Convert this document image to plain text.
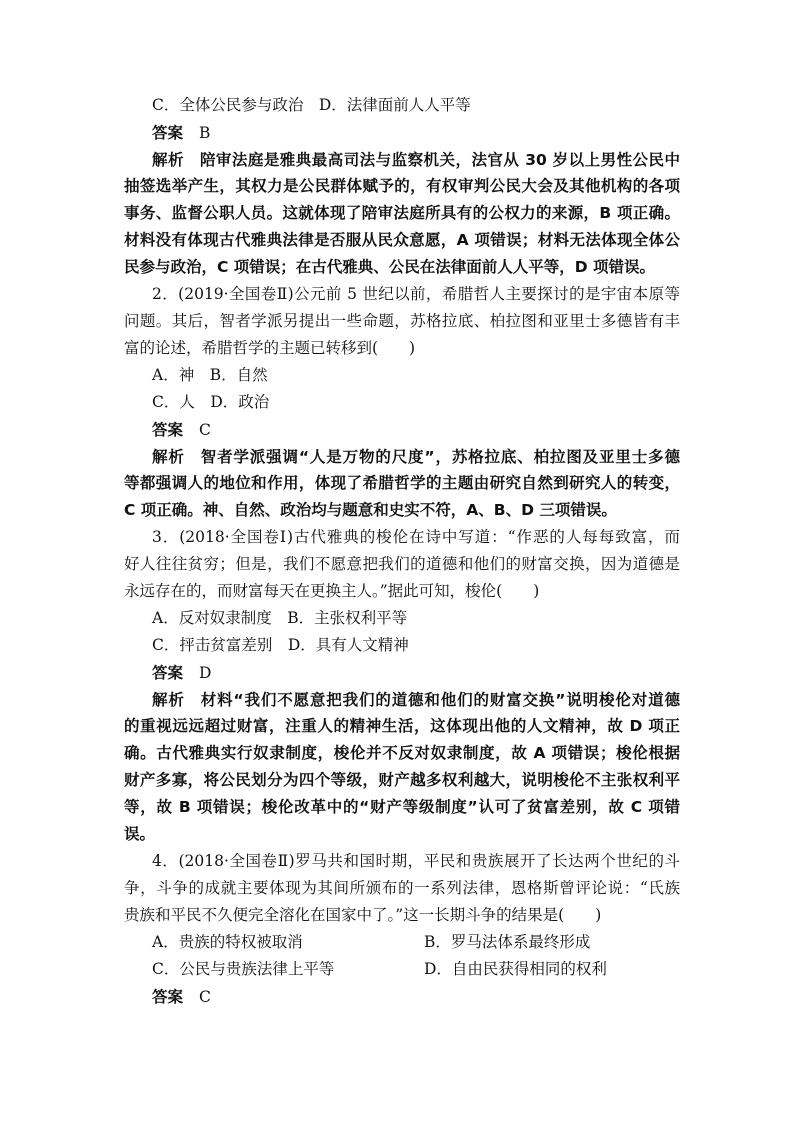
C．全体公民参与政治　D．法律面前人人平等
答案 B
解析 陪审法庭是雅典最高司法与监察机关，法官从 30 岁以上男性公民中
抽签选举产生，其权力是公民群体赋予的，有权审判公民大会及其他机构的各项
事务、监督公职人员。这就体现了陪审法庭所具有的公权力的来源，B 项正确。
材料没有体现古代雅典法律是否服从民众意愿，A 项错误；材料无法体现全体公
民参与政治，C 项错误；在古代雅典、公民在法律面前人人平等，D 项错误。
2．(2019·全国卷Ⅱ)公元前 5 世纪以前，希腊哲人主要探讨的是宇宙本原等
问题。其后，智者学派另提出一些命题，苏格拉底、柏拉图和亚里士多德皆有丰
富的论述，希腊哲学的主题已转移到(　　)
A．神　B．自然
C．人　D．政治
答案 C
解析 智者学派强调“人是万物的尺度”，苏格拉底、柏拉图及亚里士多德
等都强调人的地位和作用，体现了希腊哲学的主题由研究自然到研究人的转变，
C 项正确。神、自然、政治均与题意和史实不符，A、B、D 三项错误。
3．(2018·全国卷Ⅰ)古代雅典的梭伦在诗中写道：“作恶的人每每致富，而
好人往往贫穷；但是，我们不愿意把我们的道德和他们的财富交换，因为道德是
永远存在的，而财富每天在更换主人。”据此可知，梭伦(　　)
A．反对奴隶制度　B．主张权利平等
C．抨击贫富差别　D．具有人文精神
答案 D
解析 材料“我们不愿意把我们的道德和他们的财富交换”说明梭伦对道德
的重视远远超过财富，注重人的精神生活，这体现出他的人文精神，故 D 项正
确。古代雅典实行奴隶制度，梭伦并不反对奴隶制度，故 A 项错误；梭伦根据
财产多寡，将公民划分为四个等级，财产越多权利越大，说明梭伦不主张权利平
等，故 B 项错误；梭伦改革中的“财产等级制度”认可了贫富差别，故 C 项错
误。
4．(2018·全国卷Ⅱ)罗马共和国时期，平民和贵族展开了长达两个世纪的斗
争，斗争的成就主要体现为其间所颁布的一系列法律，恩格斯曾评论说：“氏族
贵族和平民不久便完全溶化在国家中了。”这一长期斗争的结果是(　　)
A．贵族的特权被取消	B．罗马法体系最终形成
C．公民与贵族法律上平等	D．自由民获得相同的权利
答案 C
